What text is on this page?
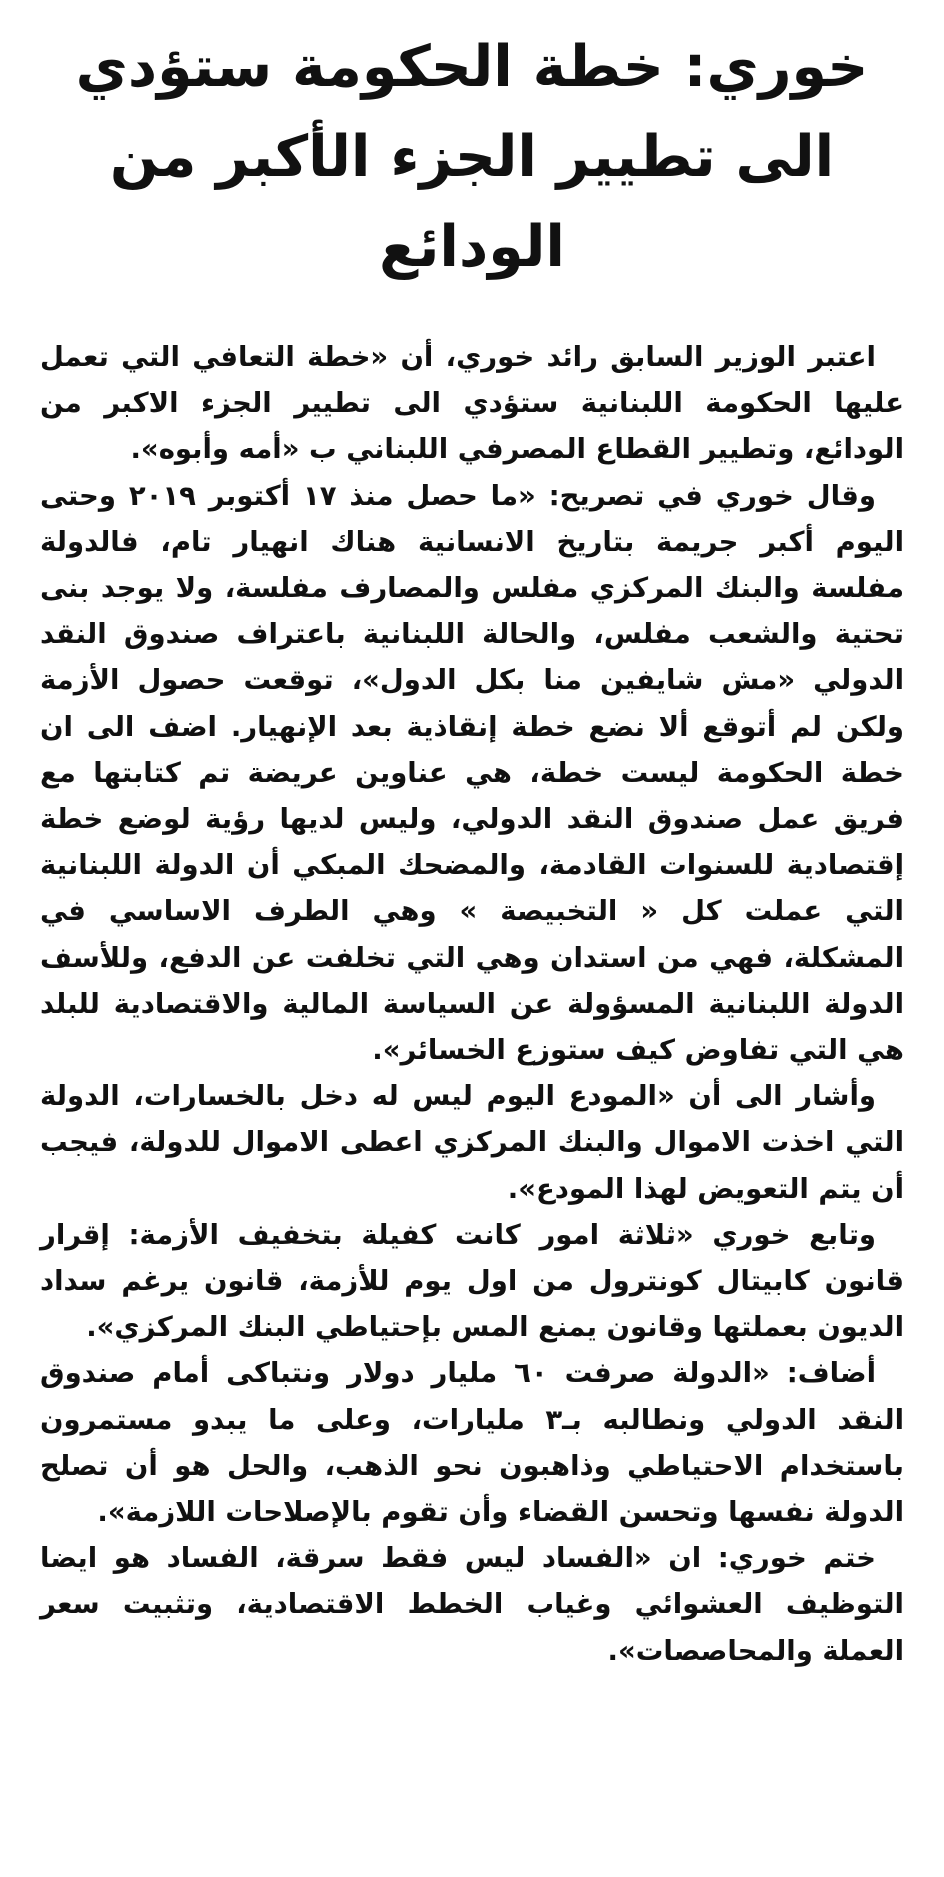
خوري: خطة الحكومة ستؤدي
الى تطيير الجزء الأكبر من الودائع

اعتبر الوزير السابق رائد خوري، أن «خطة التعافي التي تعمل عليها الحكومة اللبنانية ستؤدي الى تطيير الجزء الاكبر من الودائع، وتطيير القطاع المصرفي اللبناني ب «أمه وأبوه».

وقال خوري في تصريح: «ما حصل منذ ١٧ أكتوبر ٢٠١٩ وحتى اليوم أكبر جريمة بتاريخ الانسانية هناك انهيار تام، فالدولة مفلسة والبنك المركزي مفلس والمصارف مفلسة، ولا يوجد بنى تحتية والشعب مفلس، والحالة اللبنانية باعتراف صندوق النقد الدولي «مش شايفين منا بكل الدول»، توقعت حصول الأزمة ولكن لم أتوقع ألا نضع خطة إنقاذية بعد الإنهيار. اضف الى ان خطة الحكومة ليست خطة، هي عناوين عريضة تم كتابتها مع فريق عمل صندوق النقد الدولي، وليس لديها رؤية لوضع خطة إقتصادية للسنوات القادمة، والمضحك المبكي أن الدولة اللبنانية التي عملت كل « التخبيصة » وهي الطرف الاساسي في المشكلة، فهي من استدان وهي التي تخلفت عن الدفع، وللأسف الدولة اللبنانية المسؤولة عن السياسة المالية والاقتصادية للبلد هي التي تفاوض كيف ستوزع الخسائر».

وأشار الى أن «المودع اليوم ليس له دخل بالخسارات، الدولة التي اخذت الاموال والبنك المركزي اعطى الاموال للدولة، فيجب أن يتم التعويض لهذا المودع».

وتابع خوري «ثلاثة امور كانت كفيلة بتخفيف الأزمة: إقرار قانون كابيتال كونترول من اول يوم للأزمة، قانون يرغم سداد الديون بعملتها وقانون يمنع المس بإحتياطي البنك المركزي».

أضاف: «الدولة صرفت ٦٠ مليار دولار ونتباكى أمام صندوق النقد الدولي ونطالبه بـ٣ مليارات، وعلى ما يبدو مستمرون باستخدام الاحتياطي وذاهبون نحو الذهب، والحل هو أن تصلح الدولة نفسها وتحسن القضاء وأن تقوم بالإصلاحات اللازمة».

ختم خوري: ان «الفساد ليس فقط سرقة، الفساد هو ايضا التوظيف العشوائي وغياب الخطط الاقتصادية، وتثبيت سعر العملة والمحاصصات».
